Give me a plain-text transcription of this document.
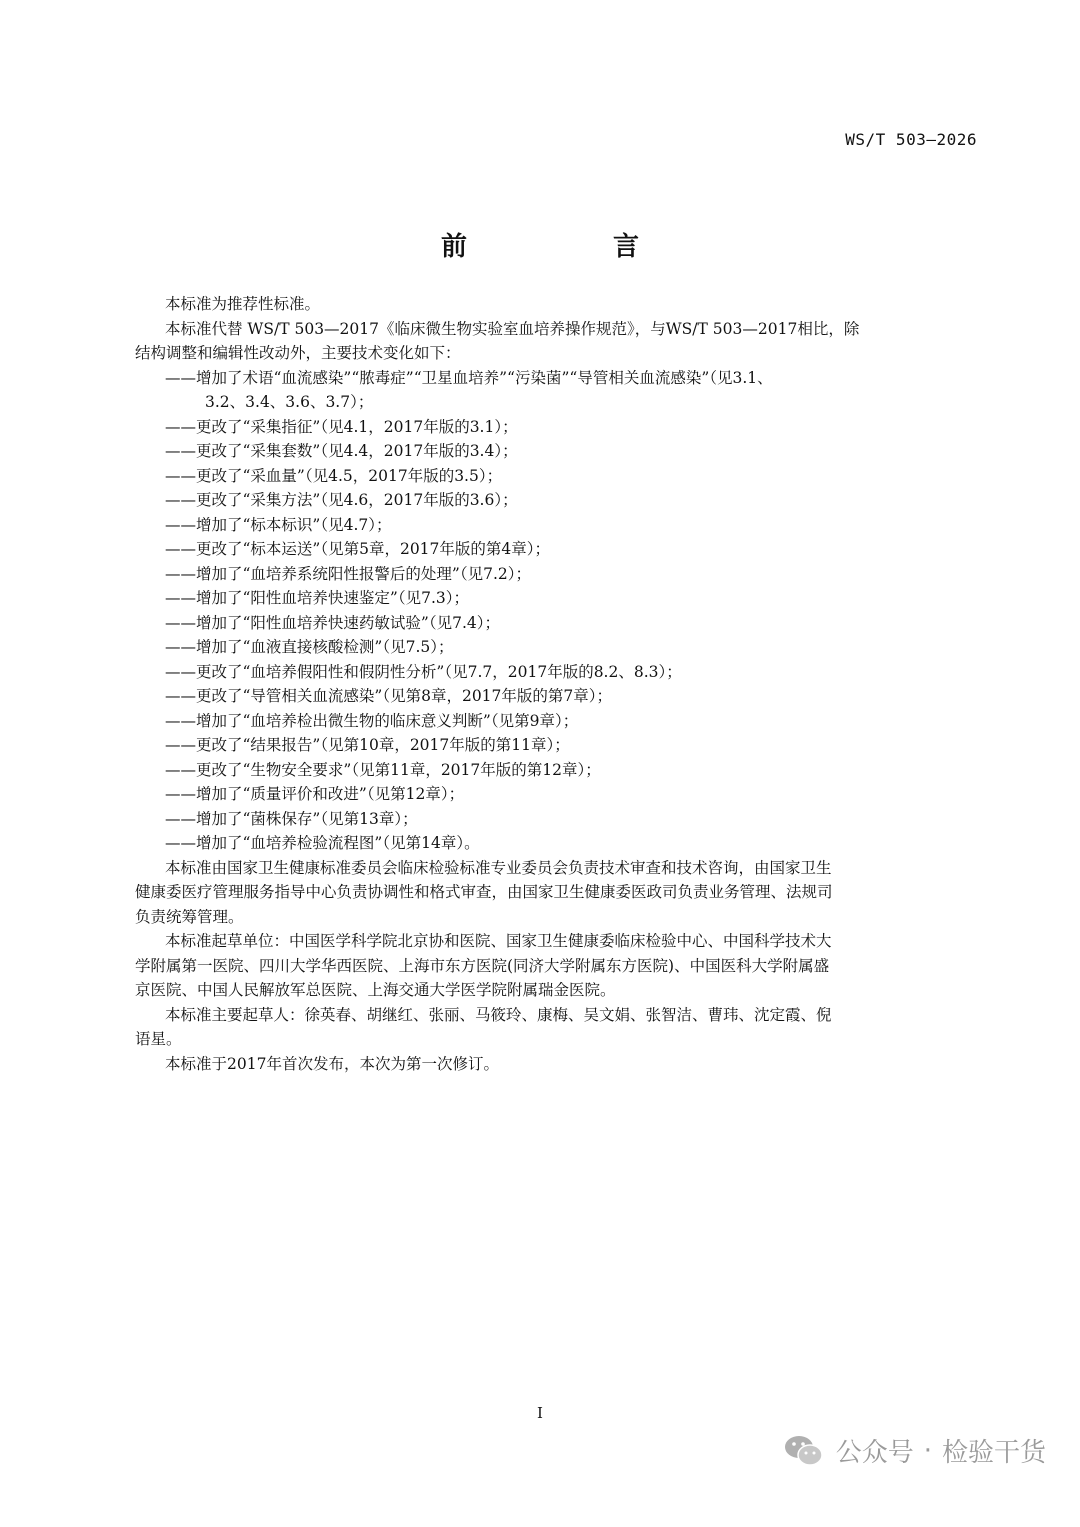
WS/T 503—2026
前　言

本标准为推荐性标准。

本标准代替 WS/T 503—2017《临床微生物实验室血培养操作规范》，与WS/T 503—2017相比，除

结构调整和编辑性改动外，主要技术变化如下：

——增加了术语“血流感染”“脓毒症”“卫星血培养”“污染菌”“导管相关血流感染”（见3.1、

3.2、3.4、3.6、3.7）；

——更改了“采集指征”（见4.1，2017年版的3.1）；

——更改了“采集套数”（见4.4，2017年版的3.4）；

——更改了“采血量”（见4.5，2017年版的3.5）；

——更改了“采集方法”（见4.6，2017年版的3.6）；

——增加了“标本标识”（见4.7）；

——更改了“标本运送”（见第5章，2017年版的第4章）；

——增加了“血培养系统阳性报警后的处理”（见7.2）；

——增加了“阳性血培养快速鉴定”（见7.3）；

——增加了“阳性血培养快速药敏试验”（见7.4）；

——增加了“血液直接核酸检测”（见7.5）；

——更改了“血培养假阳性和假阴性分析”（见7.7，2017年版的8.2、8.3）；

——更改了“导管相关血流感染”（见第8章，2017年版的第7章）；

——增加了“血培养检出微生物的临床意义判断”（见第9章）；

——更改了“结果报告”（见第10章，2017年版的第11章）；

——更改了“生物安全要求”（见第11章，2017年版的第12章）；

——增加了“质量评价和改进”（见第12章）；

——增加了“菌株保存”（见第13章）；

——增加了“血培养检验流程图”（见第14章）。

本标准由国家卫生健康标准委员会临床检验标准专业委员会负责技术审查和技术咨询，由国家卫生

健康委医疗管理服务指导中心负责协调性和格式审查，由国家卫生健康委医政司负责业务管理、法规司

负责统筹管理。

本标准起草单位：中国医学科学院北京协和医院、国家卫生健康委临床检验中心、中国科学技术大

学附属第一医院、四川大学华西医院、上海市东方医院(同济大学附属东方医院)、中国医科大学附属盛

京医院、中国人民解放军总医院、上海交通大学医学院附属瑞金医院。

本标准主要起草人：徐英春、胡继红、张丽、马筱玲、康梅、吴文娟、张智洁、曹玮、沈定霞、倪

语星。

本标准于2017年首次发布，本次为第一次修订。

I
公众号 · 检验干货
